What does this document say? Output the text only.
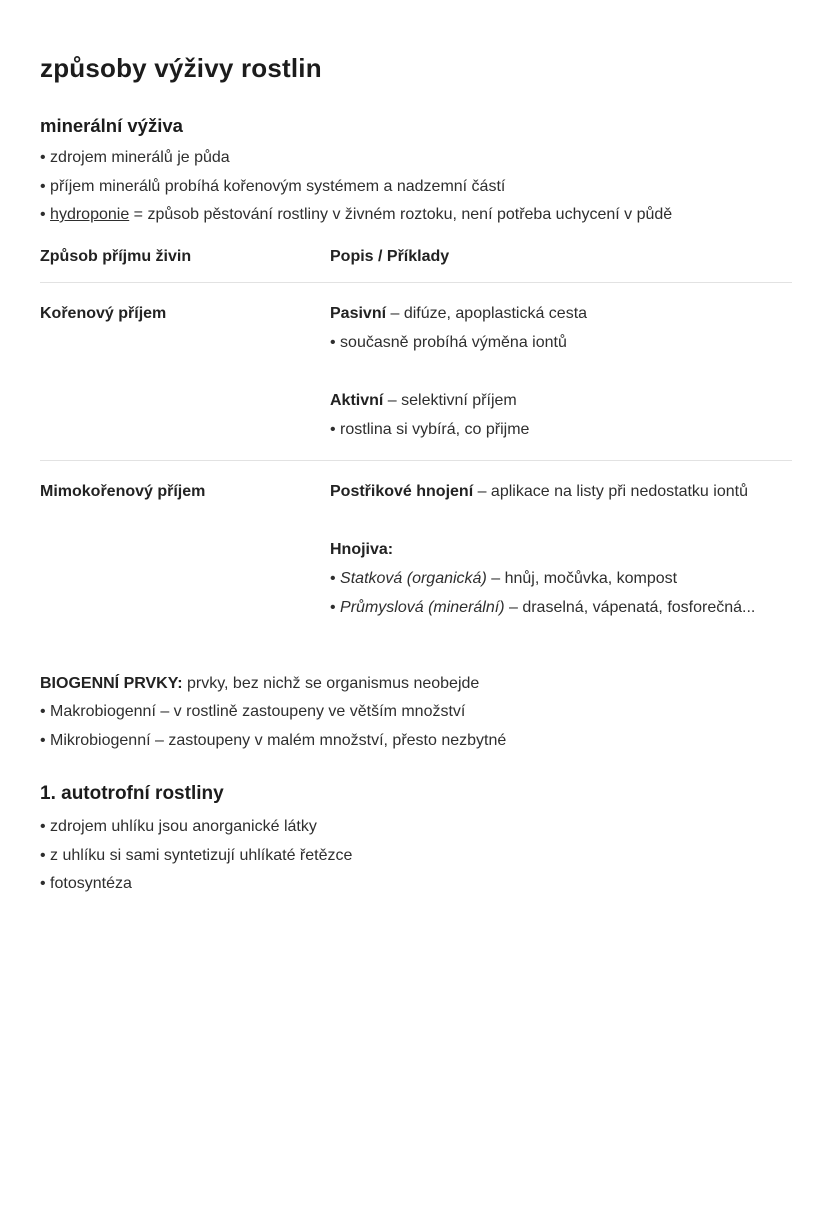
způsoby výživy rostlin
minerální výživa
• zdrojem minerálů je půda
• příjem minerálů probíhá kořenovým systémem a nadzemní částí
• hydroponie = způsob pěstování rostliny v živném roztoku, není potřeba uchycení v půdě
Způsob příjmu živin	Popis / Příklady
Kořenový příjem	Pasivní – difúze, apoplastická cesta
• současně probíhá výměna iontů
Aktivní – selektivní příjem
• rostlina si vybírá, co přijme
Mimokořenový příjem	Postřikové hnojení – aplikace na listy při nedostatku iontů
Hnojiva:
• Statková (organická) – hnůj, močůvka, kompost
• Průmyslová (minerální) – draselná, vápenatá, fosforečná...
BIOGENNÍ PRVKY: prvky, bez nichž se organismus neobejde
• Makrobiogenní – v rostlině zastoupeny ve větším množství
• Mikrobiogenní – zastoupeny v malém množství, přesto nezbytné
1. autotrofní rostliny
• zdrojem uhlíku jsou anorganické látky
• z uhlíku si sami syntetizují uhlíkaté řetězce
• fotosyntéza
